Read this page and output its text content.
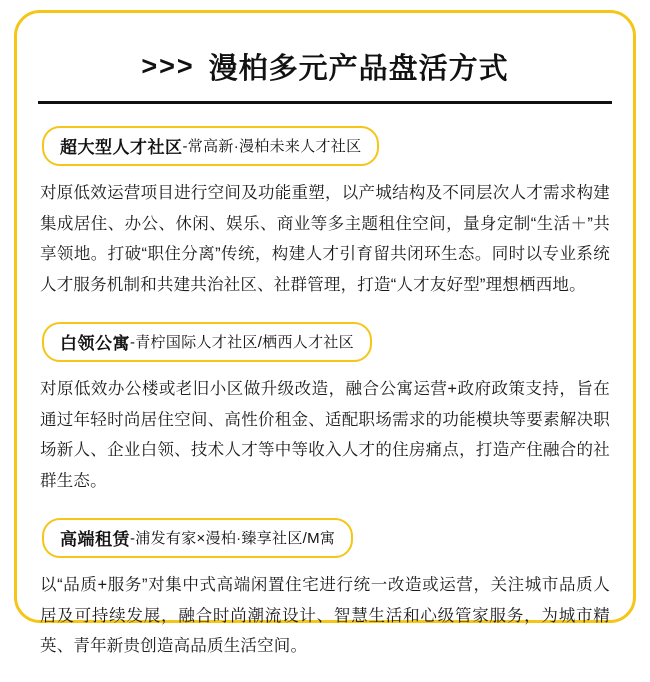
>>> 漫柏多元产品盘活方式
超大型人才社区 -常高新·漫柏未来人才社区
对原低效运营项目进行空间及功能重塑，以产城结构及不同层次人才需求构建集成居住、办公、休闲、娱乐、商业等多主题租住空间，量身定制“生活＋”共享领地。打破“职住分离”传统，构建人才引育留共闭环生态。同时以专业系统人才服务机制和共建共治社区、社群管理，打造“人才友好型”理想栖西地。
白领公寓 -青柠国际人才社区/栖西人才社区
对原低效办公楼或老旧小区做升级改造，融合公寓运营+政府政策支持，旨在通过年轻时尚居住空间、高性价租金、适配职场需求的功能模块等要素解决职场新人、企业白领、技术人才等中等收入人才的住房痛点，打造产住融合的社群生态。
高端租赁 -浦发有家×漫柏·臻享社区/M寓
以“品质+服务”对集中式高端闲置住宅进行统一改造或运营，关注城市品质人居及可持续发展，融合时尚潮流设计、智慧生活和心级管家服务，为城市精英、青年新贵创造高品质生活空间。
